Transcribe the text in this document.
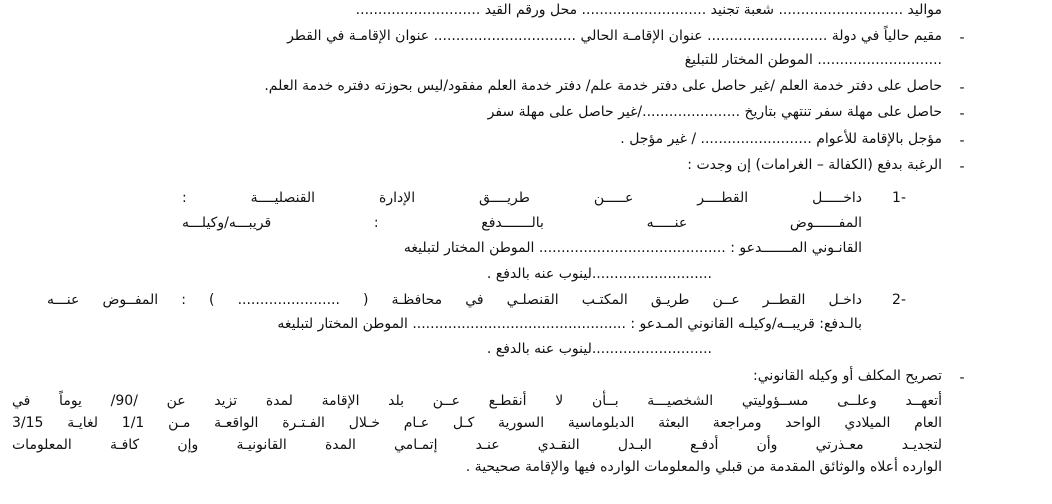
موالید ............................ شعبة تجنید ............................ محل ورقم القید ............................
-
مقیم حالیاً في دولة ........................... عنوان الإقامـة الحالي ................................ عنوان الإقامـة في القطر
............................ الموطن المختار للتبلیغ
-
حاصل على دفتر خدمة العلم /غیر حاصل على دفتر خدمة علم/ دفتر خدمة العلم مفقود/لیس بحوزته دفتره خدمة العلم.
-
حاصل على مهلة سفر تنتهي بتاریخ ....................../غیر حاصل على مهلة سفر
-
مؤجل بالإقامة للأعوام ......................... / غیر مؤجل .
-
الرغبة بدفع (الكفالة – الغرامات) إن وجدت :
-1
داخـــــل القطــــر عـــــن طریــــق الإدارة القنصلیــــة :
المفــــــوض عنـــــه بالـــــــدفع : قریبـــه/وكیلـــه
القانـوني المـــــــدعو : .......................................... الموطن المختار لتبلیغه
...........................لینوب عنه بالدفع .
-2
داخـل القطــر عــن طریـق المكتـب القنصلـي في محافظـة ( ....................... ) : المفــوض عنـــه
بالـدفع: قریبــه/وكیلـه القانوني المـدعو : ................................................ الموطن المختار لتبلیغه
...........................لینوب عنه بالدفع .
-
تصریح المكلف أو وكیله القانوني:
أتعهــد وعلــى مســؤولیتي الشخصیـــة بــأن لا أنقطـع عــن بلد الإقامة لمدة تزید عن /90/ یوماً في
العام المیلادي الواحد ومراجعة البعثة الدبلوماسیة السوریة كـل عـام خـلال الفـتـرة الواقعـة مـن 1/1 لغایـة 3/15
لتجدیـد معـذرتي وأن أدفـع البـدل النقـدي عنـد إتمـامي المدة القانونیـة وإن كافـة المعلومات
الوارده أعلاه والوثائق المقدمة من قبلي والمعلومات الوارده فیها والإقامة صحیحیة .
